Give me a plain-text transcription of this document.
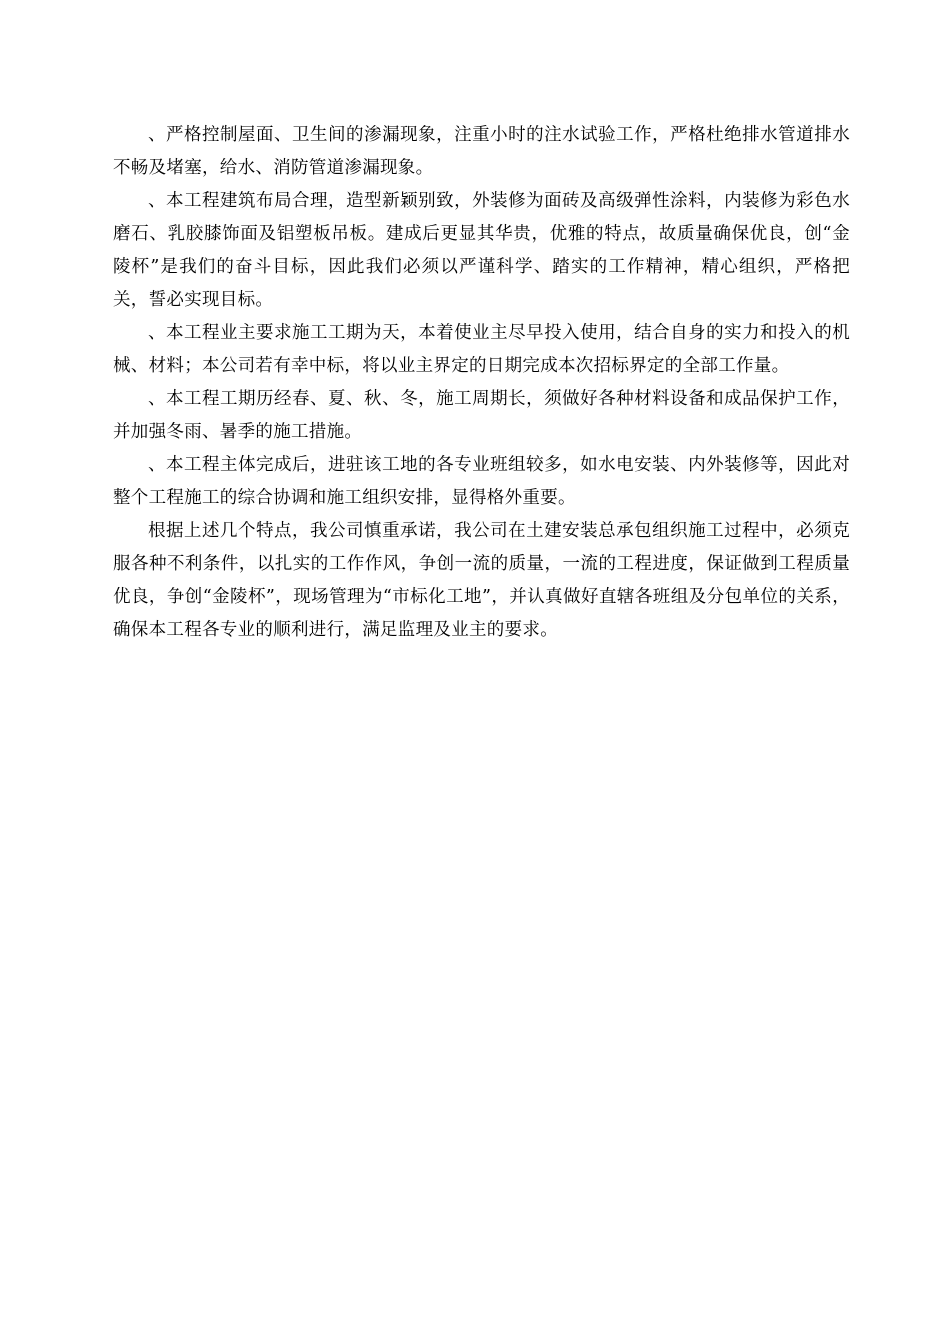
、严格控制屋面、卫生间的渗漏现象，注重小时的注水试验工作，严格杜绝排水管道排水不畅及堵塞，给水、消防管道渗漏现象。

、本工程建筑布局合理，造型新颖别致，外装修为面砖及高级弹性涂料，内装修为彩色水磨石、乳胶膝饰面及铝塑板吊板。建成后更显其华贵，优雅的特点，故质量确保优良，创“金陵杯”是我们的奋斗目标，因此我们必须以严谨科学、踏实的工作精神，精心组织，严格把关，誓必实现目标。

、本工程业主要求施工工期为天，本着使业主尽早投入使用，结合自身的实力和投入的机械、材料；本公司若有幸中标，将以业主界定的日期完成本次招标界定的全部工作量。

、本工程工期历经春、夏、秋、冬，施工周期长，须做好各种材料设备和成品保护工作，并加强冬雨、暑季的施工措施。

、本工程主体完成后，进驻该工地的各专业班组较多，如水电安装、内外装修等，因此对整个工程施工的综合协调和施工组织安排，显得格外重要。

根据上述几个特点，我公司慎重承诺，我公司在土建安装总承包组织施工过程中，必须克服各种不利条件，以扎实的工作作风，争创一流的质量，一流的工程进度，保证做到工程质量优良，争创“金陵杯”，现场管理为“市标化工地”，并认真做好直辖各班组及分包单位的关系，确保本工程各专业的顺利进行，满足监理及业主的要求。
